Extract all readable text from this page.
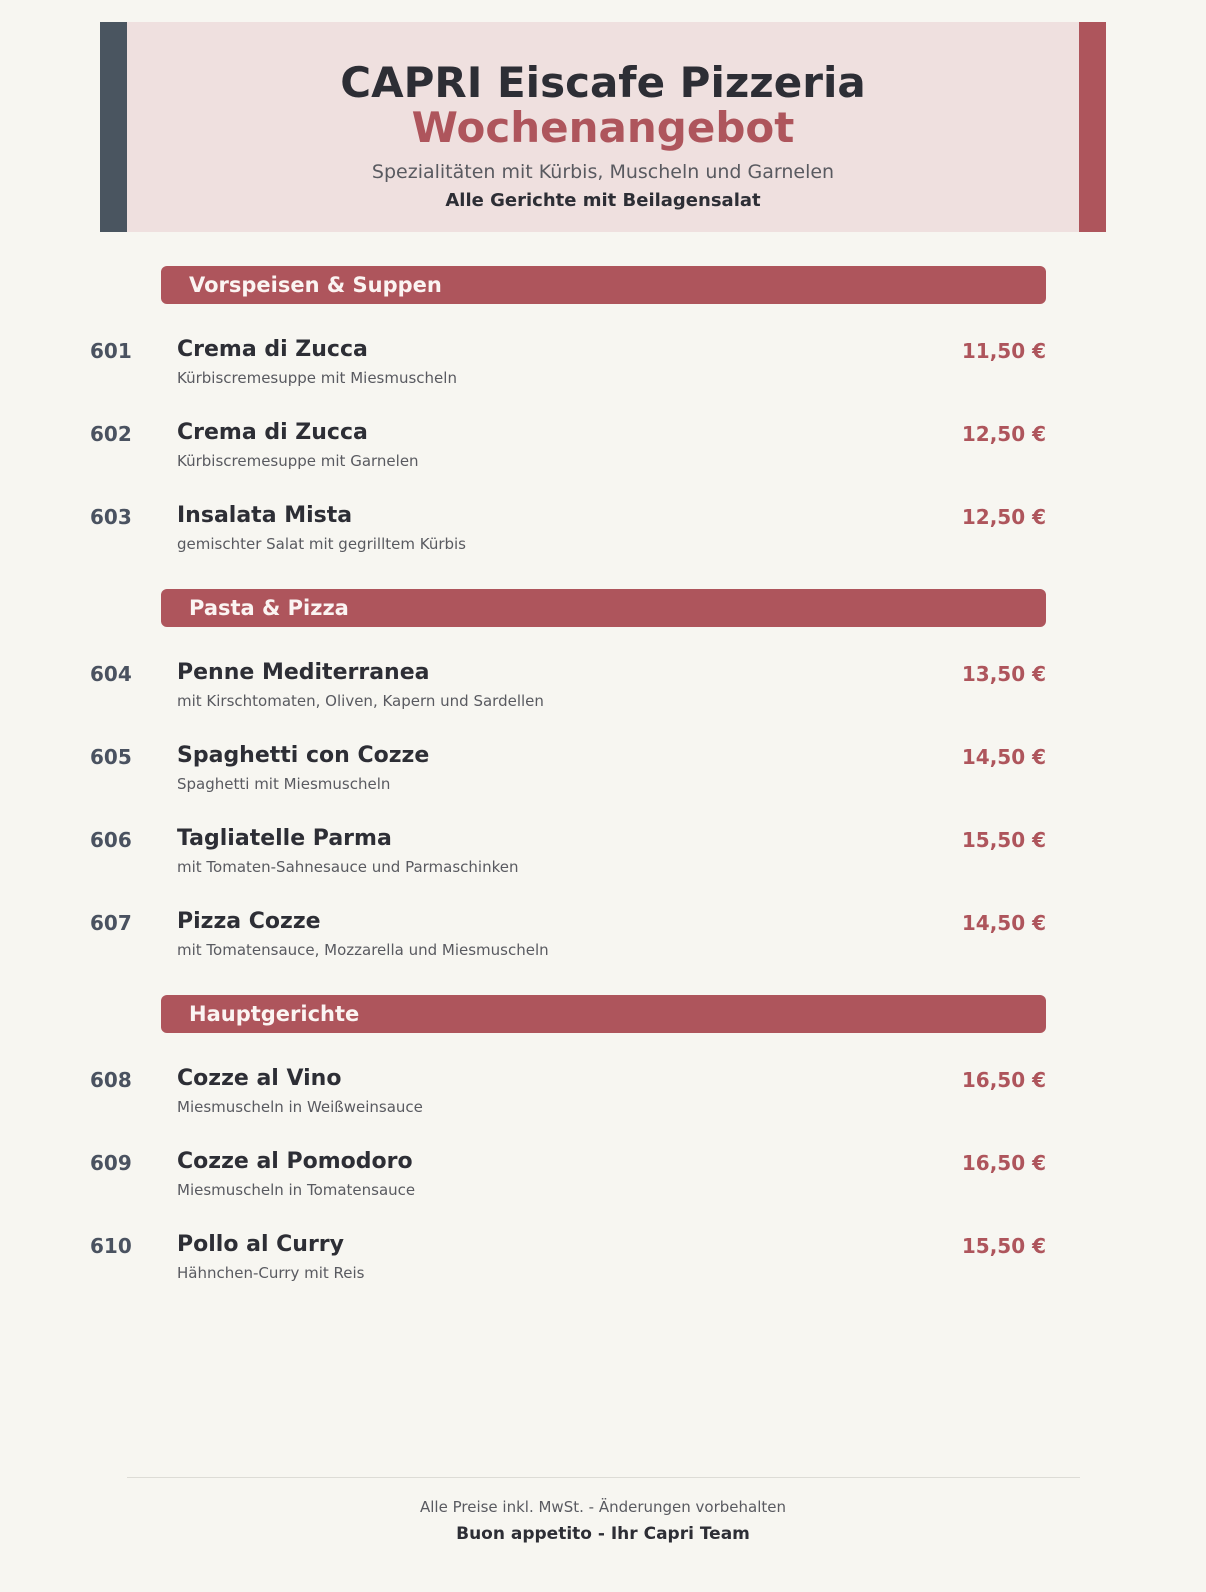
CAPRI Eiscafe Pizzeria
Wochenangebot
Spezialitäten mit Kürbis, Muscheln und Garnelen
Alle Gerichte mit Beilagensalat
Vorspeisen & Suppen
601 Crema di Zucca
Kürbiscremesuppe mit Miesmuscheln
11,50 €
602 Crema di Zucca
Kürbiscremesuppe mit Garnelen
12,50 €
603 Insalata Mista
gemischter Salat mit gegrilltem Kürbis
12,50 €
Pasta & Pizza
604 Penne Mediterranea
mit Kirschtomaten, Oliven, Kapern und Sardellen
13,50 €
605 Spaghetti con Cozze
Spaghetti mit Miesmuscheln
14,50 €
606 Tagliatelle Parma
mit Tomaten-Sahnesauce und Parmaschinken
15,50 €
607 Pizza Cozze
mit Tomatensauce, Mozzarella und Miesmuscheln
14,50 €
Hauptgerichte
608 Cozze al Vino
Miesmuscheln in Weißweinsauce
16,50 €
609 Cozze al Pomodoro
Miesmuscheln in Tomatensauce
16,50 €
610 Pollo al Curry
Hähnchen-Curry mit Reis
15,50 €
Alle Preise inkl. MwSt. - Änderungen vorbehalten
Buon appetito - Ihr Capri Team
